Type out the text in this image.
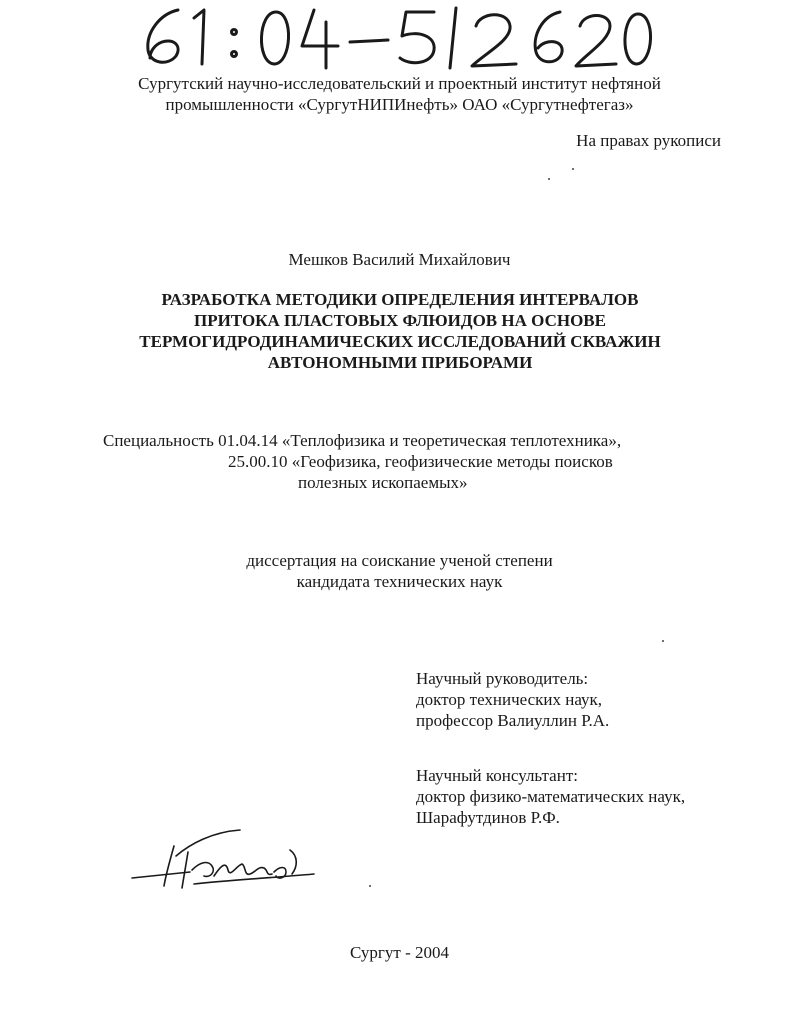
Сургутский научно-исследовательский и проектный институт нефтяной
промышленности «СургутНИПИнефть» ОАО «Сургутнефтегаз»
На правах рукописи
Мешков Василий Михайлович
РАЗРАБОТКА МЕТОДИКИ ОПРЕДЕЛЕНИЯ ИНТЕРВАЛОВ
ПРИТОКА ПЛАСТОВЫХ ФЛЮИДОВ НА ОСНОВЕ
ТЕРМОГИДРОДИНАМИЧЕСКИХ ИССЛЕДОВАНИЙ СКВАЖИН
АВТОНОМНЫМИ ПРИБОРАМИ
Специальность 01.04.14 «Теплофизика и теоретическая теплотехника»,
25.00.10 «Геофизика, геофизические методы поисков
полезных ископаемых»
диссертация на соискание ученой степени
кандидата технических наук
Научный руководитель:
доктор технических наук,
профессор Валиуллин Р.А.
Научный консультант:
доктор физико-математических наук,
Шарафутдинов Р.Ф.
Сургут - 2004
